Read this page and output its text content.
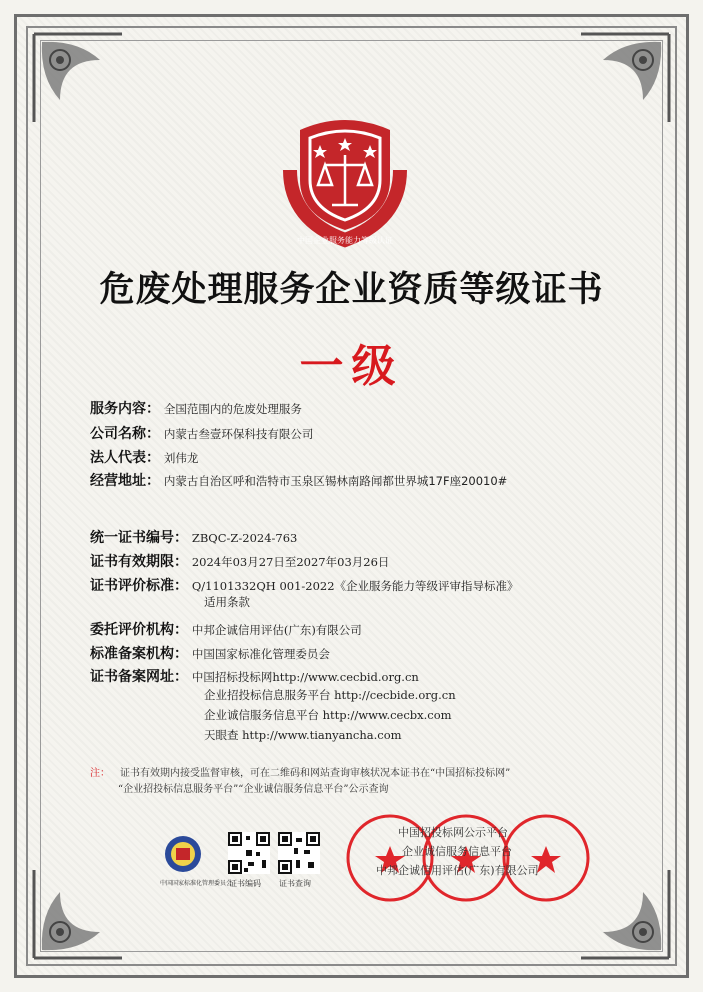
中国企业服务能力等级认证
危废处理服务企业资质等级证书
一级
服务内容： 全国范围内的危废处理服务
公司名称： 内蒙古叁壹环保科技有限公司
法人代表： 刘伟龙
经营地址： 内蒙古自治区呼和浩特市玉泉区锡林南路闻都世界城17F座20010#
统一证书编号： ZBQC-Z-2024-763
证书有效期限： 2024年03月27日至2027年03月26日
证书评价标准： Q/1101332QH 001-2022《企业服务能力等级评审指导标准》
适用条款
委托评价机构： 中邦企诚信用评估(广东)有限公司
标准备案机构： 中国国家标准化管理委员会
证书备案网址： 中国招标投标网http://www.cecbid.org.cn
企业招投标信息服务平台 http://cecbide.org.cn
企业诚信服务信息平台 http://www.cecbx.com
天眼查 http://www.tianyancha.com
注： 证书有效期内接受监督审核，可在二维码和网站查询审核状况本证书在“中国招标投标网”
“企业招投标信息服务平台”“企业诚信服务信息平台”公示查询
中国国家标准化管理委员会
证书编码 证书查询
中国招投标网公示平台
企业诚信服务信息平台
中邦企诚信用评估(广东)有限公司
